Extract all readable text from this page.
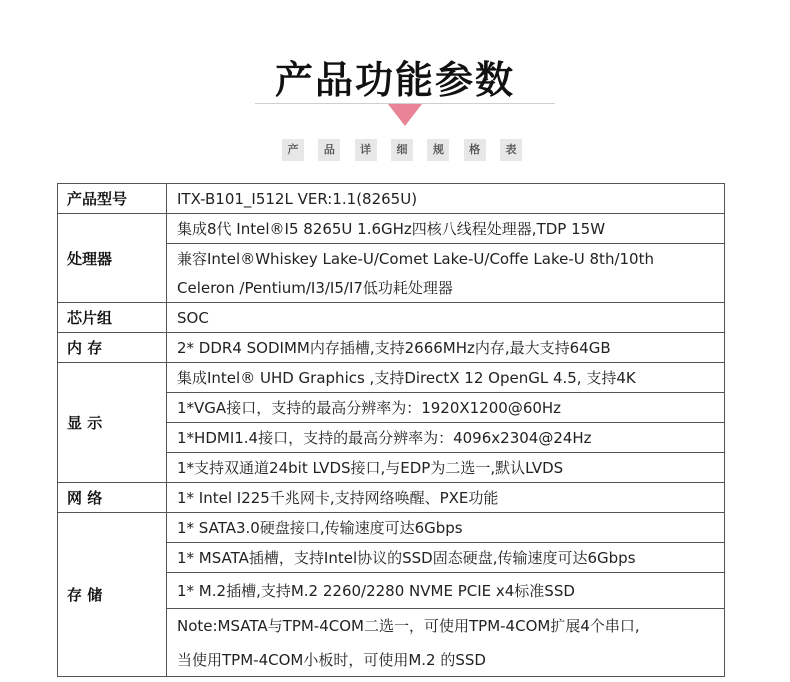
产品功能参数
产	品	详	细	规	格	表
产品型号	ITX-B101_I512L VER:1.1(8265U)
处理器	集成8代 Intel®I5 8265U 1.6GHz四核八线程处理器,TDP 15W
	兼容Intel®Whiskey Lake-U/Comet Lake-U/Coffe Lake-U 8th/10th
	Celeron /Pentium/I3/I5/I7低功耗处理器
芯片组	SOC
内 存	2* DDR4 SODIMM内存插槽,支持2666MHz内存,最大支持64GB
显 示	集成Intel® UHD Graphics ,支持DirectX 12 OpenGL 4.5, 支持4K
	1*VGA接口，支持的最高分辨率为：1920X1200@60Hz
	1*HDMI1.4接口，支持的最高分辨率为：4096x2304@24Hz
	1*支持双通道24bit LVDS接口,与EDP为二选一,默认LVDS
网 络	1* Intel I225千兆网卡,支持网络唤醒、PXE功能
存 储	1* SATA3.0硬盘接口,传输速度可达6Gbps
	1* MSATA插槽，支持Intel协议的SSD固态硬盘,传输速度可达6Gbps
	1* M.2插槽,支持M.2 2260/2280 NVME PCIE x4标准SSD
	Note:MSATA与TPM-4COM二选一，可使用TPM-4COM扩展4个串口,
	当使用TPM-4COM小板时，可使用M.2 的SSD
